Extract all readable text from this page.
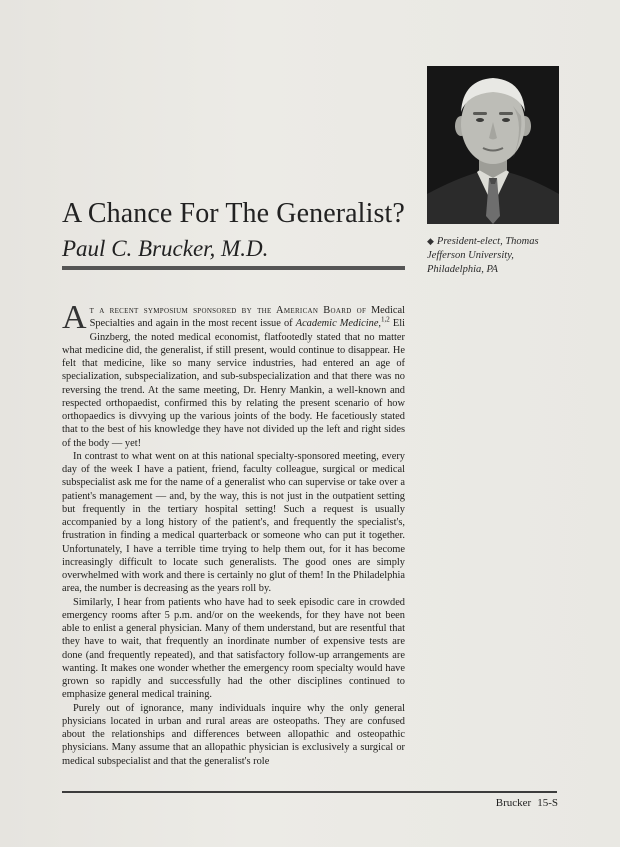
A Chance For The Generalist?
Paul C. Brucker, M.D.	◆ President-elect, Thomas Jefferson University, Philadelphia, PA

At a recent symposium sponsored by the American Board of Medical Specialties and again in the most recent issue of Academic Medicine,$^{1,2}$ Eli Ginzberg, the noted medical economist, flatfootedly stated that no matter what medicine did, the generalist, if still present, would continue to disappear. He felt that medicine, like so many service industries, had entered an age of specialization, subspecialization, and sub-subspecialization and that there was no reversing the trend. At the same meeting, Dr. Henry Mankin, a well-known and respected orthopaedist, confirmed this by relating the present scenario of how orthopaedics is divvying up the various joints of the body. He facetiously stated that to the best of his knowledge they have not divided up the left and right sides of the body — yet!

In contrast to what went on at this national specialty-sponsored meeting, every day of the week I have a patient, friend, faculty colleague, surgical or medical subspecialist ask me for the name of a generalist who can supervise or take over a patient's management — and, by the way, this is not just in the outpatient setting but frequently in the tertiary hospital setting! Such a request is usually accompanied by a long history of the patient's, and frequently the specialist's, frustration in finding a medical quarterback or someone who can put it together. Unfortunately, I have a terrible time trying to help them out, for it has become increasingly difficult to locate such generalists. The good ones are simply overwhelmed with work and there is certainly no glut of them! In the Philadelphia area, the number is decreasing as the years roll by.

Similarly, I hear from patients who have had to seek episodic care in crowded emergency rooms after 5 p.m. and/or on the weekends, for they have not been able to enlist a general physician. Many of them understand, but are resentful that they have to wait, that frequently an inordinate number of expensive tests are done (and frequently repeated), and that satisfactory follow-up arrangements are wanting. It makes one wonder whether the emergency room specialty would have grown so rapidly and successfully had the other disciplines continued to emphasize general medical training.

Purely out of ignorance, many individuals inquire why the only general physicians located in urban and rural areas are osteopaths. They are confused about the relationships and differences between allopathic and osteopathic physicians. Many assume that an allopathic physician is exclusively a surgical or medical subspecialist and that the generalist's role

Brucker 15-S
